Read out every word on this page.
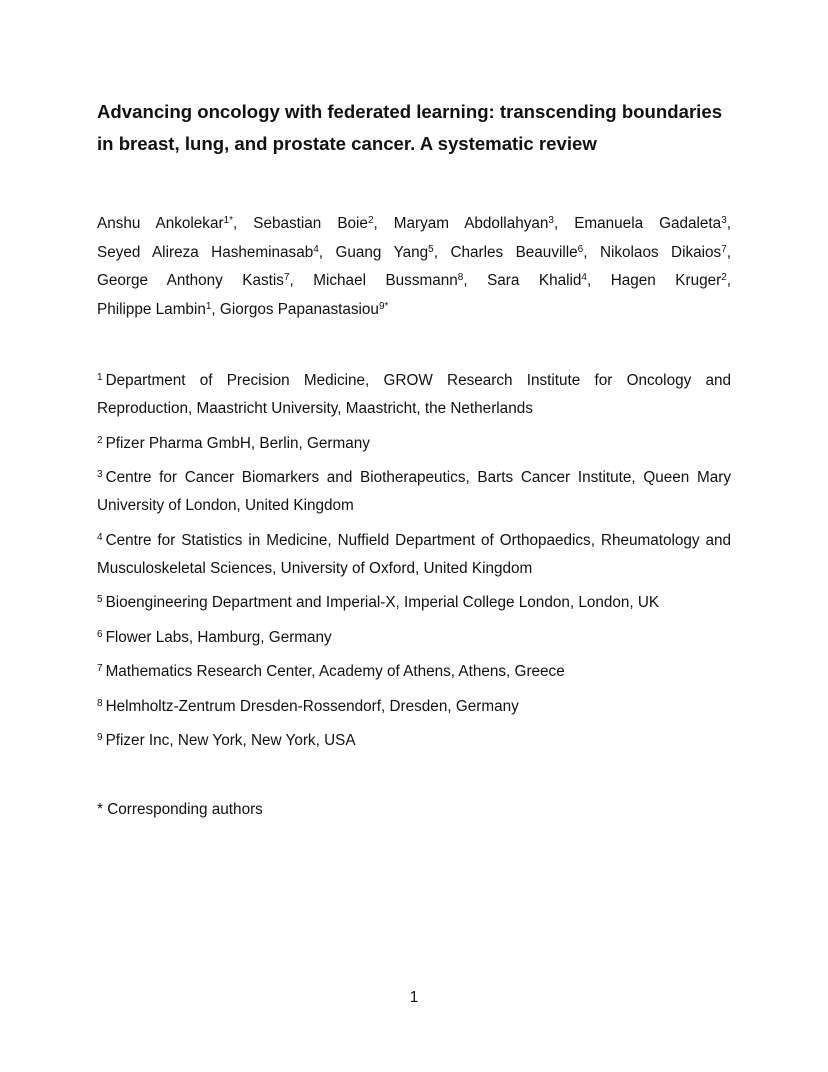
Advancing oncology with federated learning: transcending boundaries in breast, lung, and prostate cancer. A systematic review
Anshu Ankolekar$^{1*}$, Sebastian Boie$^2$, Maryam Abdollahyan$^3$, Emanuela Gadaleta$^3$, Seyed Alireza Hasheminasab$^4$, Guang Yang$^5$, Charles Beauville$^6$, Nikolaos Dikaios$^7$, George Anthony Kastis$^7$, Michael Bussmann$^8$, Sara Khalid$^4$, Hagen Kruger$^2$, Philippe Lambin$^1$, Giorgos Papanastasiou$^{9*}$
$^1$ Department of Precision Medicine, GROW Research Institute for Oncology and Reproduction, Maastricht University, Maastricht, the Netherlands
$^2$ Pfizer Pharma GmbH, Berlin, Germany
$^3$ Centre for Cancer Biomarkers and Biotherapeutics, Barts Cancer Institute, Queen Mary University of London, United Kingdom
$^4$ Centre for Statistics in Medicine, Nuffield Department of Orthopaedics, Rheumatology and Musculoskeletal Sciences, University of Oxford, United Kingdom
$^5$ Bioengineering Department and Imperial-X, Imperial College London, London, UK
$^6$ Flower Labs, Hamburg, Germany
$^7$ Mathematics Research Center, Academy of Athens, Athens, Greece
$^8$ Helmholtz-Zentrum Dresden-Rossendorf, Dresden, Germany
$^9$ Pfizer Inc, New York, New York, USA
* Corresponding authors
1
